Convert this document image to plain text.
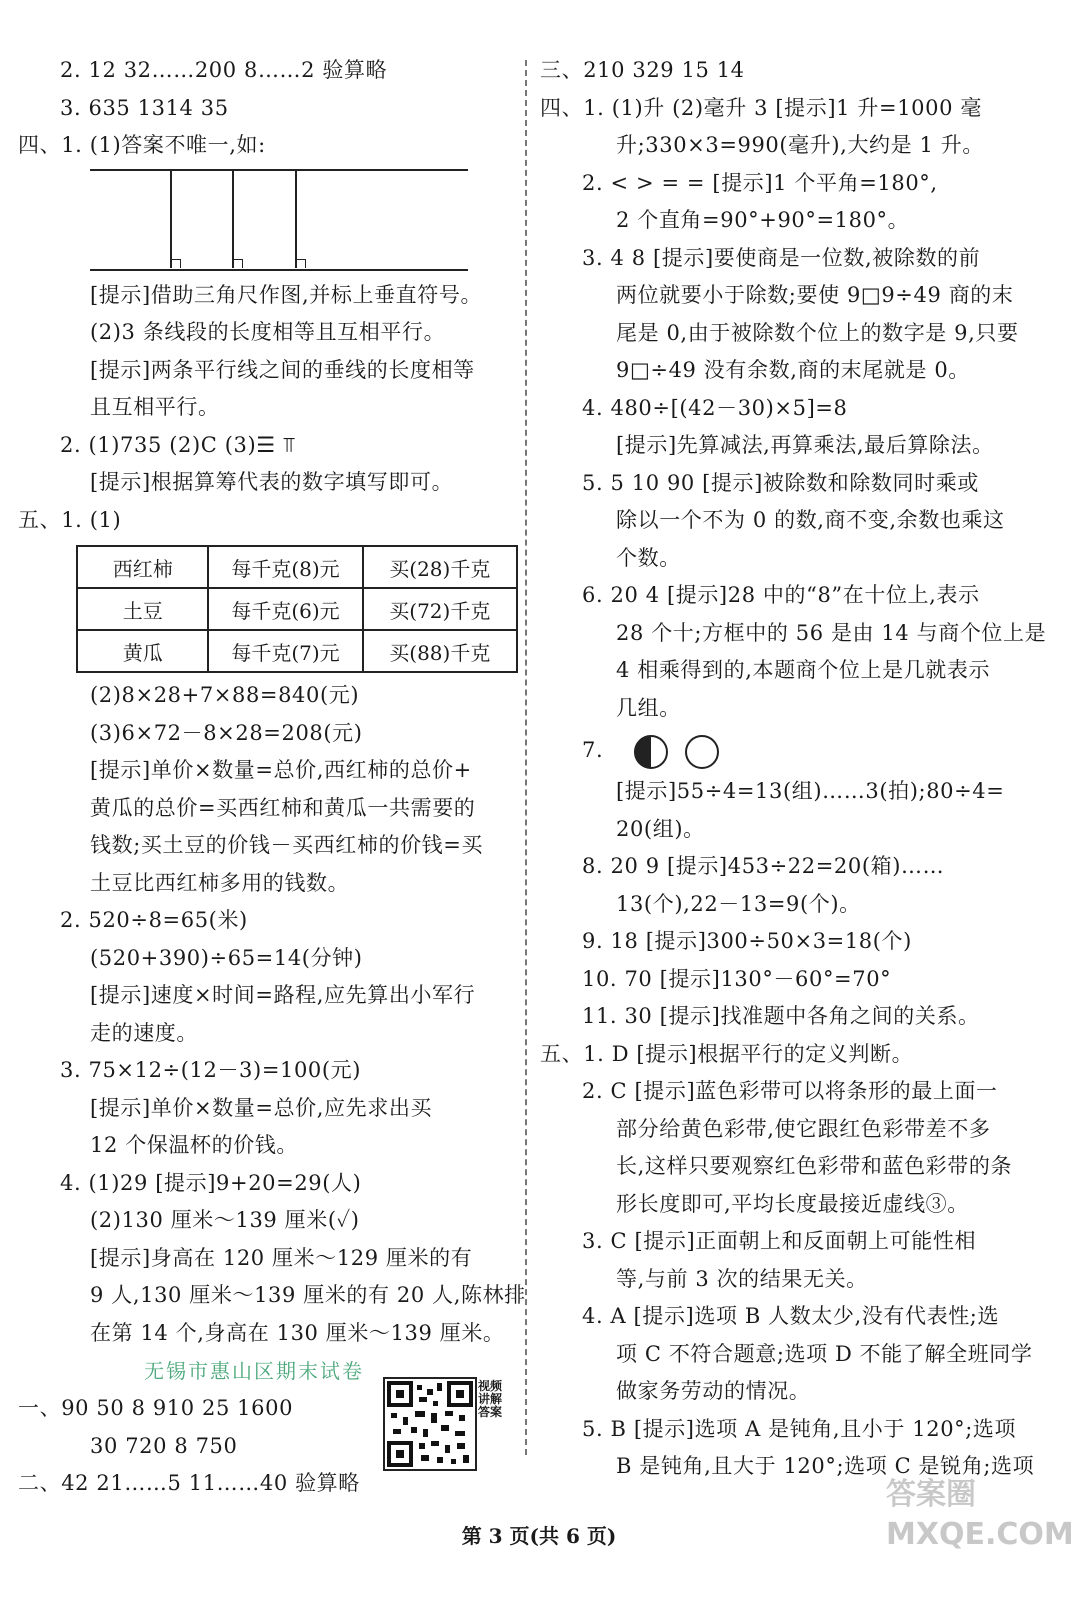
2. 12 32……200 8……2 验算略
3. 635 1314 35
四、1. (1)答案不唯一,如:
[提示]借助三角尺作图,并标上垂直符号。
(2)3 条线段的长度相等且互相平行。
[提示]两条平行线之间的垂线的长度相等
且互相平行。
2. (1)735 (2)C (3)☰ ⫪
[提示]根据算筹代表的数字填写即可。
五、1. (1)
西红柿	每千克(8)元	买(28)千克
土豆	每千克(6)元	买(72)千克
黄瓜	每千克(7)元	买(88)千克
(2)8×28+7×88=840(元)
(3)6×72－8×28=208(元)
[提示]单价×数量=总价,西红柿的总价+
黄瓜的总价=买西红柿和黄瓜一共需要的
钱数;买土豆的价钱－买西红柿的价钱=买
土豆比西红柿多用的钱数。
2. 520÷8=65(米)
(520+390)÷65=14(分钟)
[提示]速度×时间=路程,应先算出小军行
走的速度。
3. 75×12÷(12－3)=100(元)
[提示]单价×数量=总价,应先求出买
12 个保温杯的价钱。
4. (1)29 [提示]9+20=29(人)
(2)130 厘米～139 厘米(✓)
[提示]身高在 120 厘米～129 厘米的有
9 人,130 厘米～139 厘米的有 20 人,陈林排
在第 14 个,身高在 130 厘米～139 厘米。
无锡市惠山区期末试卷
一、90 50 8 910 25 1600
30 720 8 750
二、42 21……5 11……40 验算略
视频讲解答案
三、210 329 15 14
四、1. (1)升 (2)毫升 3 [提示]1 升=1000 毫
升;330×3=990(毫升),大约是 1 升。
2. < > = = [提示]1 个平角=180°,
2 个直角=90°+90°=180°。
3. 4 8 [提示]要使商是一位数,被除数的前
两位就要小于除数;要使 9□9÷49 商的末
尾是 0,由于被除数个位上的数字是 9,只要
9□÷49 没有余数,商的末尾就是 0。
4. 480÷[(42－30)×5]=8
[提示]先算减法,再算乘法,最后算除法。
5. 5 10 90 [提示]被除数和除数同时乘或
除以一个不为 0 的数,商不变,余数也乘这
个数。
6. 20 4 [提示]28 中的“8”在十位上,表示
28 个十;方框中的 56 是由 14 与商个位上是
4 相乘得到的,本题商个位上是几就表示
几组。
7.
[提示]55÷4=13(组)……3(拍);80÷4=
20(组)。
8. 20 9 [提示]453÷22=20(箱)……
13(个),22－13=9(个)。
9. 18 [提示]300÷50×3=18(个)
10. 70 [提示]130°－60°=70°
11. 30 [提示]找准题中各角之间的关系。
五、1. D [提示]根据平行的定义判断。
2. C [提示]蓝色彩带可以将条形的最上面一
部分给黄色彩带,使它跟红色彩带差不多
长,这样只要观察红色彩带和蓝色彩带的条
形长度即可,平均长度最接近虚线③。
3. C [提示]正面朝上和反面朝上可能性相
等,与前 3 次的结果无关。
4. A [提示]选项 B 人数太少,没有代表性;选
项 C 不符合题意;选项 D 不能了解全班同学
做家务劳动的情况。
5. B [提示]选项 A 是钝角,且小于 120°;选项
B 是钝角,且大于 120°;选项 C 是锐角;选项
第 3 页(共 6 页)
答案圈 MXQE.COM
